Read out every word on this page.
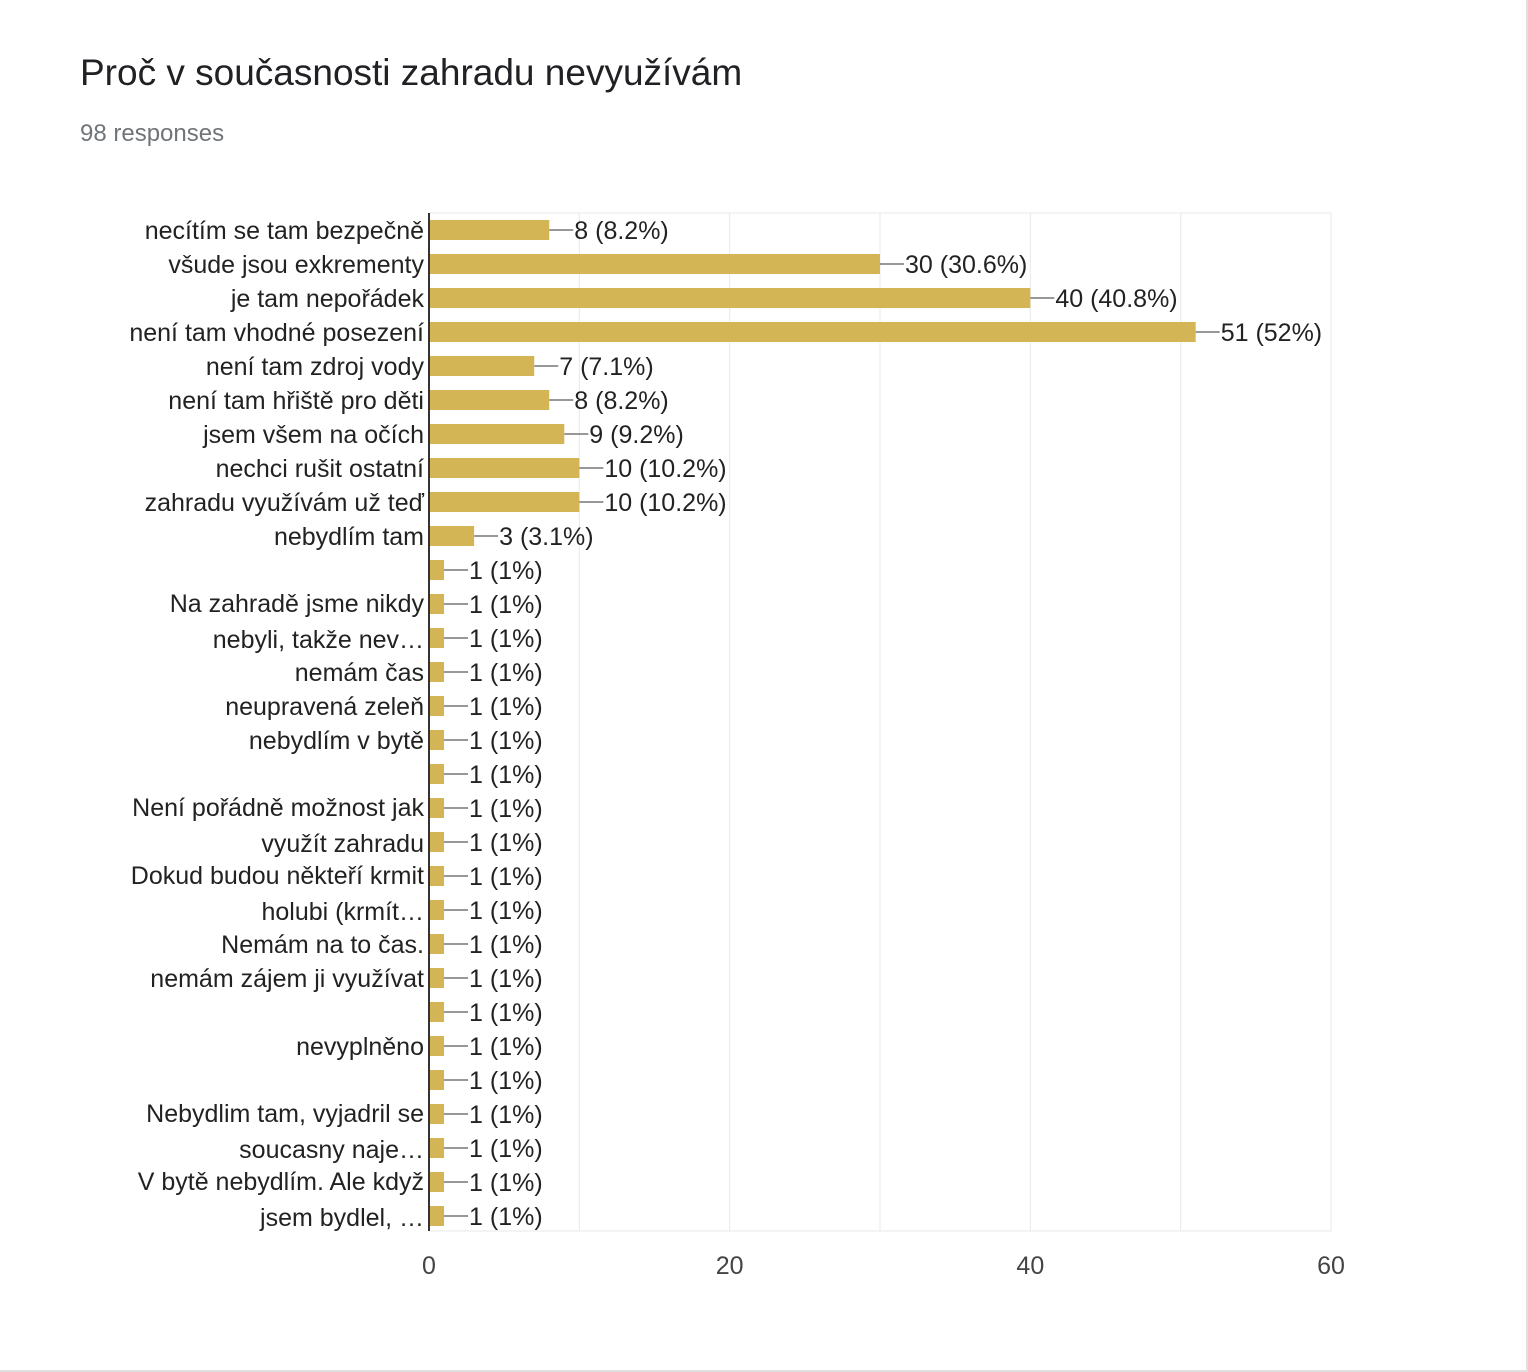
Proč v současnosti zahradu nevyužívám
98 responses
0	20	40	60
8 (8.2%)
30 (30.6%)
40 (40.8%)
51 (52%)
7 (7.1%)
8 (8.2%)
9 (9.2%)
10 (10.2%)
10 (10.2%)
3 (3.1%)
1 (1%)
1 (1%)
1 (1%)
1 (1%)
1 (1%)
1 (1%)
1 (1%)
1 (1%)
1 (1%)
1 (1%)
1 (1%)
1 (1%)
1 (1%)
1 (1%)
1 (1%)
1 (1%)
1 (1%)
1 (1%)
1 (1%)
1 (1%)
necítím se tam bezpečně
všude jsou exkrementy
je tam nepořádek
není tam vhodné posezení
není tam zdroj vody
není tam hřiště pro děti
jsem všem na očích
nechci rušit ostatní
zahradu využívám už teď
nebydlím tam
Na zahradě jsme nikdy
nebyli, takže nev…
nemám čas
neupravená zeleň
nebydlím v bytě
Není pořádně možnost jak
využít zahradu
Dokud budou někteří krmit
holubi (krmít…
Nemám na to čas.
nemám zájem ji využívat
nevyplněno
Nebydlim tam, vyjadril se
soucasny naje…
V bytě nebydlím. Ale když
jsem bydlel, …
